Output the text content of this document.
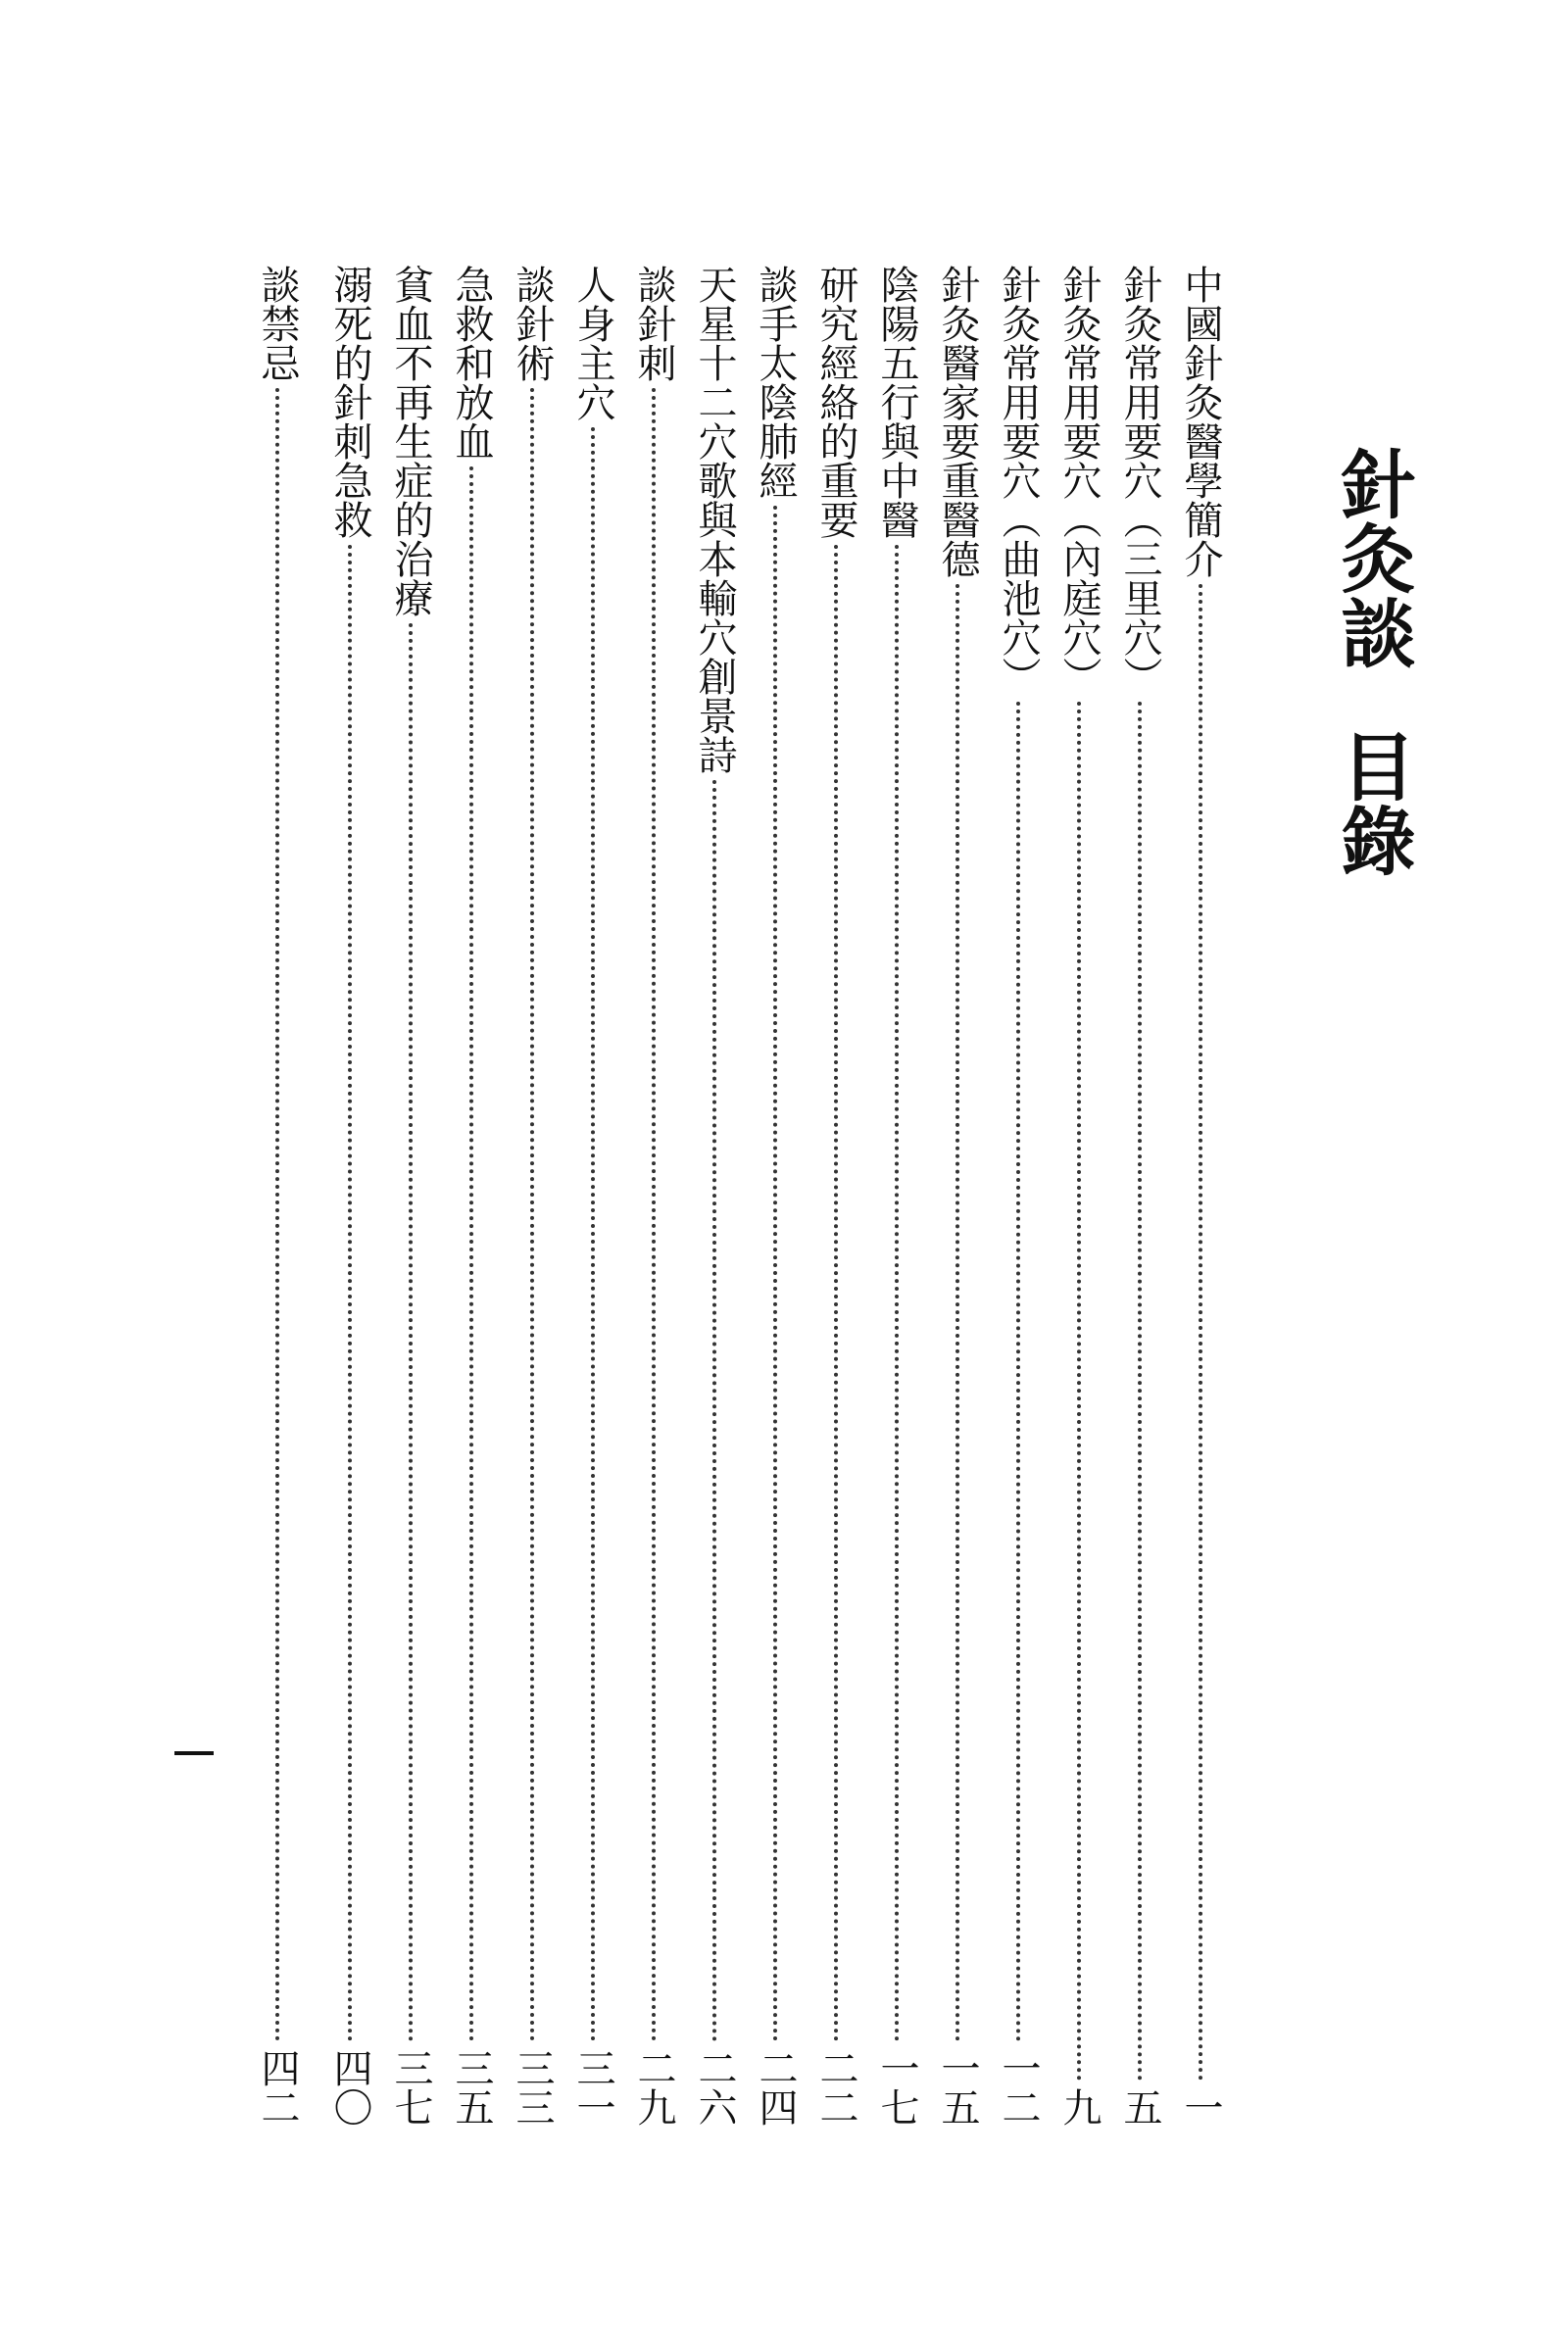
針灸談目錄
中國針灸醫學簡介
一
針灸常用要穴（三里穴）
五
針灸常用要穴（內庭穴）
九
針灸常用要穴（曲池穴）
一二
針灸醫家要重醫德
一五
陰陽五行與中醫
一七
研究經絡的重要
二二
談手太陰肺經
二四
天星十二穴歌與本輸穴創景詩
二六
談針刺
二九
人身主穴
三一
談針術
三三
急救和放血
三五
貧血不再生症的治療
三七
溺死的針刺急救
四〇
談禁忌
四二
